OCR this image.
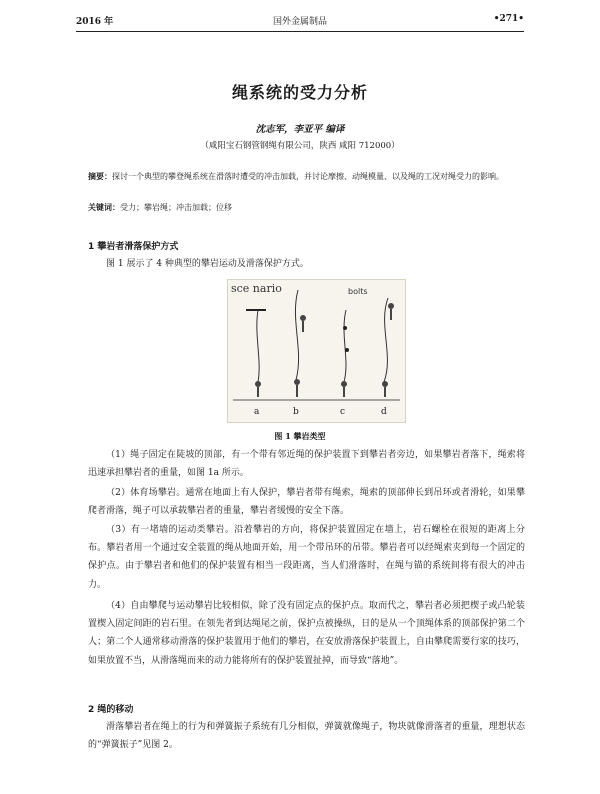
2016 年	国外金属制品	•271•
绳系统的受力分析
沈志军，李亚平 编译
（咸阳宝石钢管钢绳有限公司，陕西 咸阳 712000）
摘要：探讨一个典型的攀登绳系统在滑落时遭受的冲击加载，并讨论摩擦、动绳模量、以及绳的工况对绳受力的影响。
关键词：受力；攀岩绳；冲击加载；位移
1 攀岩者滑落保护方式
图 1 展示了 4 种典型的攀岩运动及滑落保护方式。
sce nario	bolts
a	b	c	d
图 1 攀岩类型
（1）绳子固定在陡坡的顶部，有一个带有邻近绳的保护装置下到攀岩者旁边，如果攀岩者落下，绳索将迅速承担攀岩者的重量，如图 1a 所示。
（2）体育场攀岩。通常在地面上有人保护，攀岩者带有绳索，绳索的顶部伸长到吊环或者滑轮，如果攀爬者滑落，绳子可以承载攀岩者的重量，攀岩者缓慢的安全下落。
（3）有一堵墙的运动类攀岩。沿着攀岩的方向，将保护装置固定在墙上，岩石螺栓在很短的距离上分布。攀岩者用一个通过安全装置的绳从地面开始，用一个带吊环的吊带。攀岩者可以经绳索夹到每一个固定的保护点。由于攀岩者和他们的保护装置有相当一段距离，当人们滑落时，在绳与锚的系统间将有很大的冲击力。
（4）自由攀爬与运动攀岩比较相似，除了没有固定点的保护点。取而代之，攀岩者必须把楔子或凸轮装置楔入固定间距的岩石里。在领先者到达绳尾之前，保护点被操纵，日的是从一个顶绳体系的顶部保护第二个人；第二个人通常移动滑落的保护装置用于他们的攀岩，在安放滑落保护装置上，自由攀爬需要行家的技巧，如果放置不当，从滑落绳而来的动力能将所有的保护装置扯掉，而导致“落地”。
2 绳的移动
滑落攀岩者在绳上的行为和弹簧振子系统有几分相似，弹簧就像绳子，物块就像滑落者的重量，理想状态的“弹簧振子”见图 2。
